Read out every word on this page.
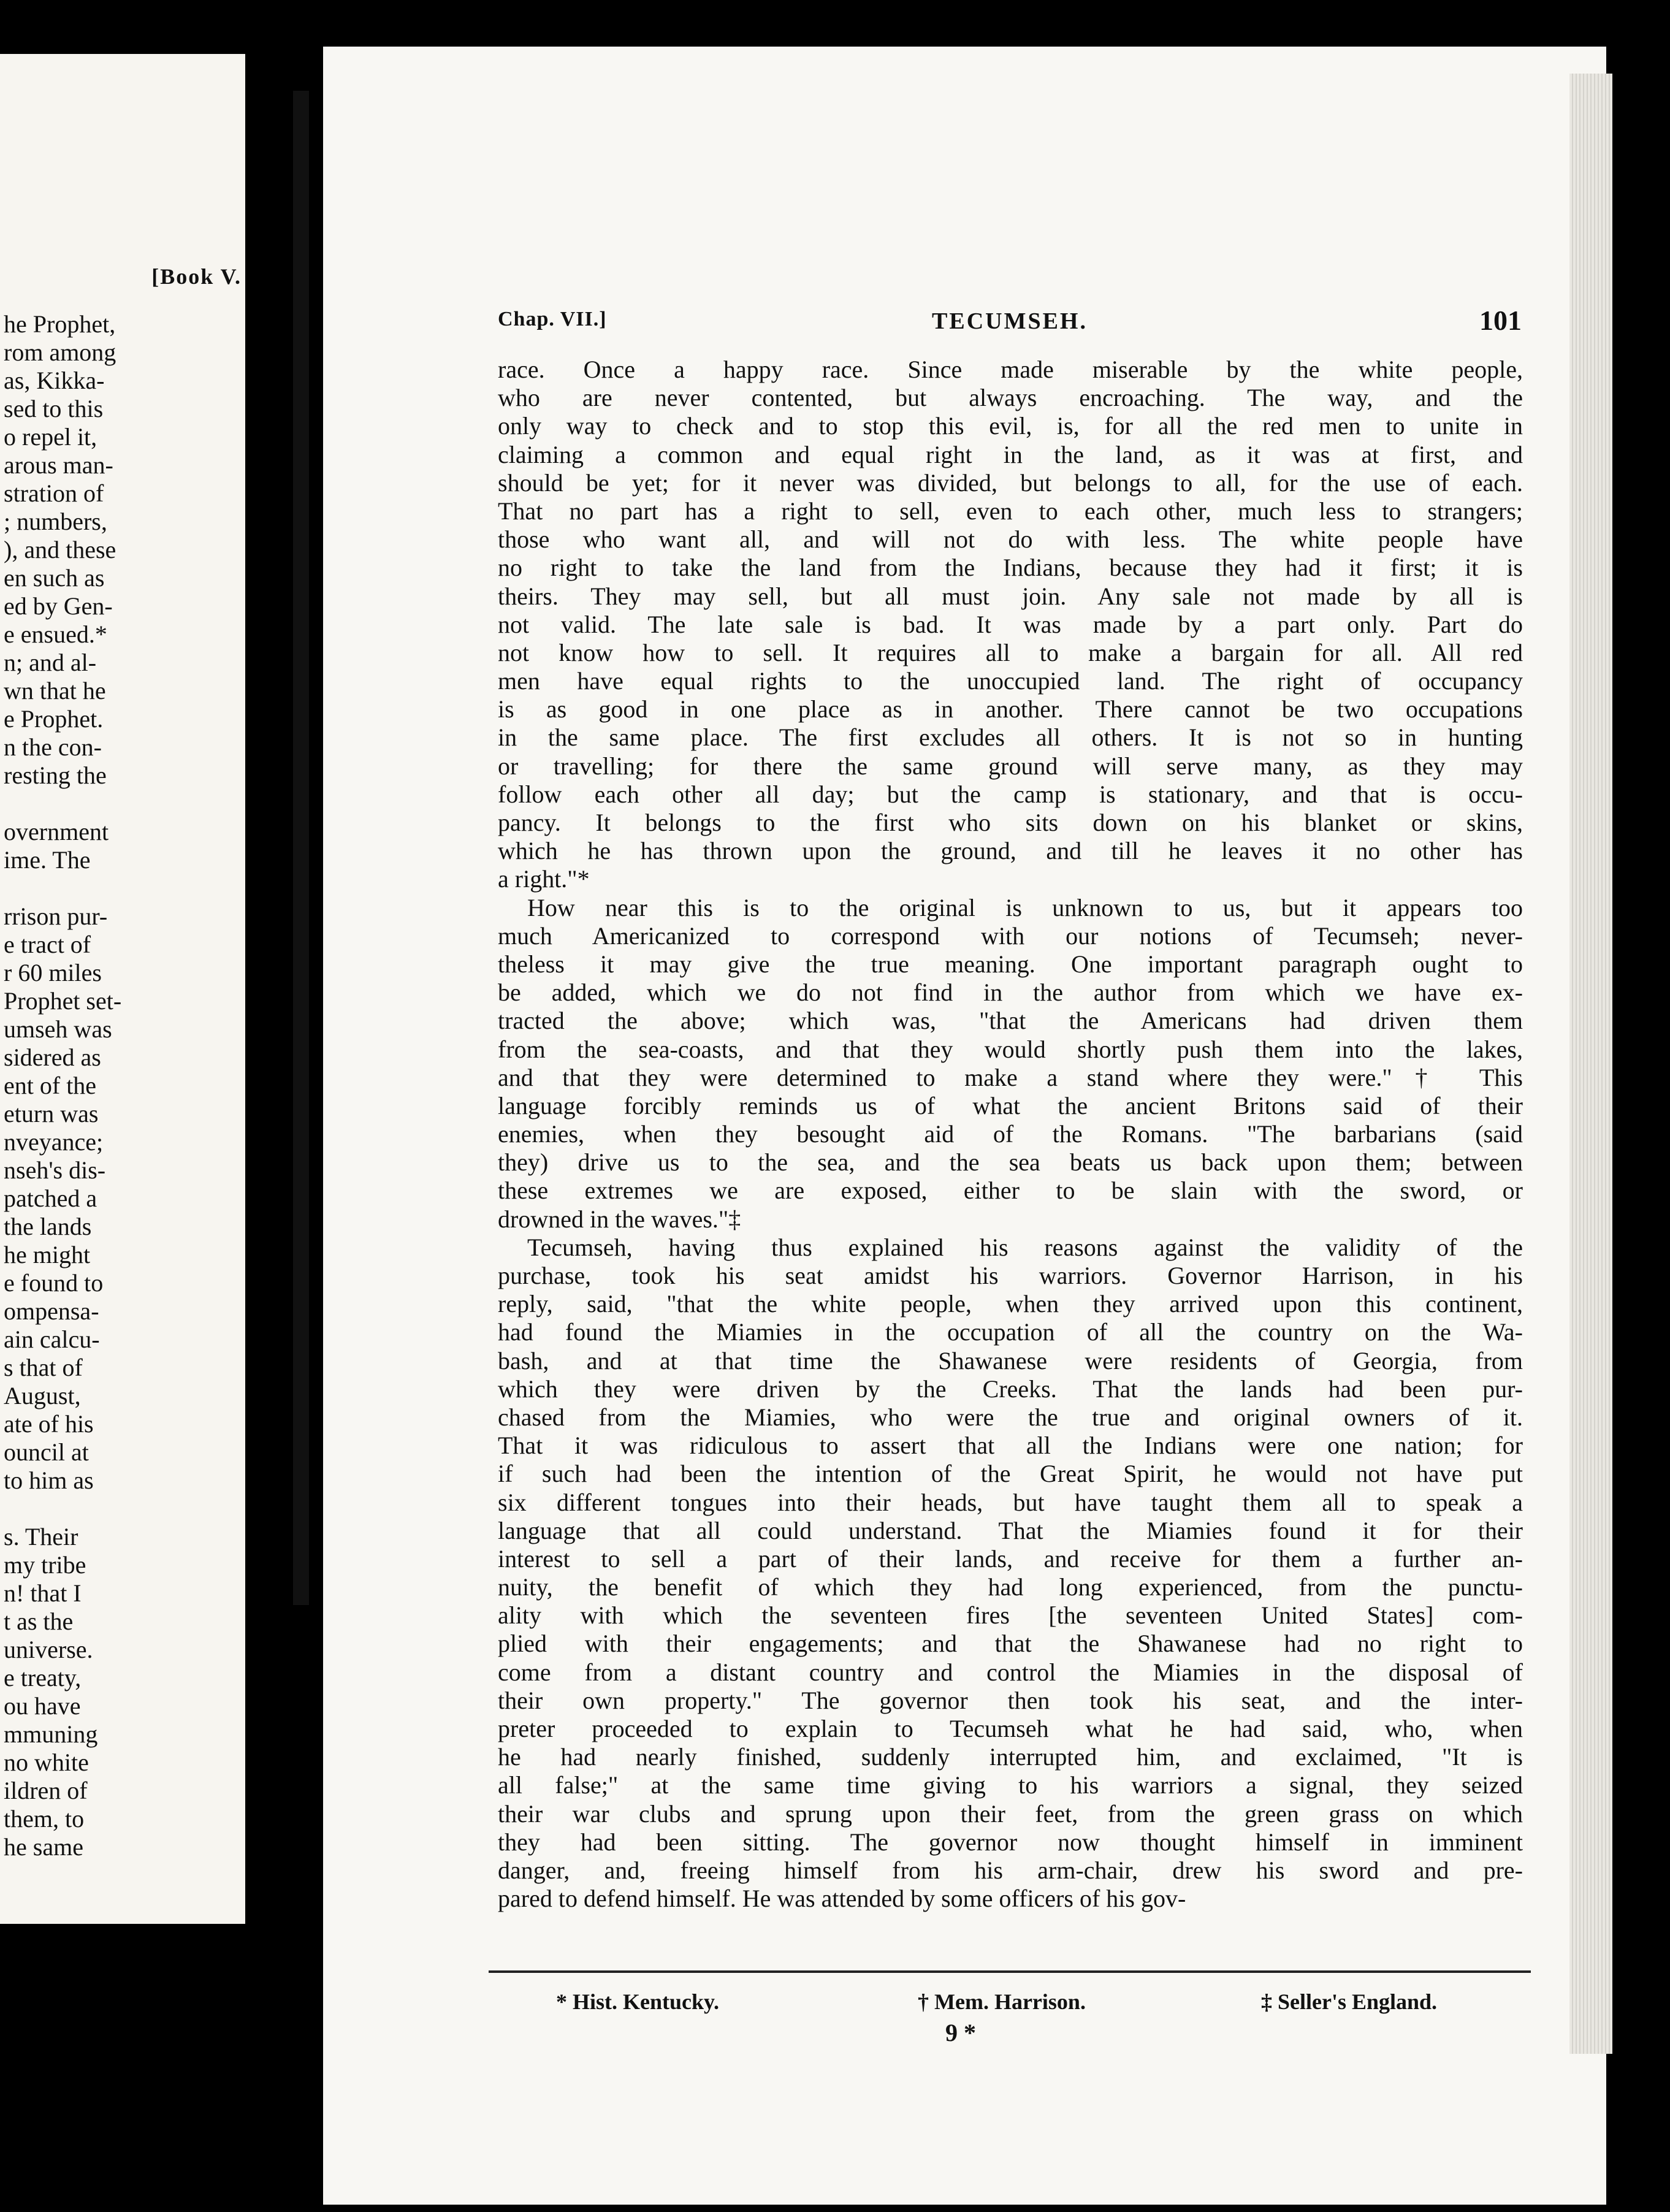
[Book V.
he Prophet,
rom among
as, Kikka-
sed to this
o repel it,
arous man-
stration of
; numbers,
), and these
en such as
ed by Gen-
e ensued.*
n; and al-
wn that he
e Prophet.
n the con-
resting the
overnment
ime. The
rrison pur-
e tract of
r 60 miles
Prophet set-
umseh was
sidered as
ent of the
eturn was
nveyance;
nseh's dis-
patched a
the lands
he might
e found to
ompensa-
ain calcu-
s that of
August,
ate of his
ouncil at
to him as
s. Their
my tribe
n! that I
t as the
universe.
e treaty,
ou have
mmuning
no white
ildren of
them, to
he same
Chap. VII.]	TECUMSEH.	101
race. Once a happy race. Since made miserable by the white people,
who are never contented, but always encroaching. The way, and the
only way to check and to stop this evil, is, for all the red men to unite in
claiming a common and equal right in the land, as it was at first, and
should be yet; for it never was divided, but belongs to all, for the use of each.
That no part has a right to sell, even to each other, much less to strangers;
those who want all, and will not do with less. The white people have
no right to take the land from the Indians, because they had it first; it is
theirs. They may sell, but all must join. Any sale not made by all is
not valid. The late sale is bad. It was made by a part only. Part do
not know how to sell. It requires all to make a bargain for all. All red
men have equal rights to the unoccupied land. The right of occupancy
is as good in one place as in another. There cannot be two occupations
in the same place. The first excludes all others. It is not so in hunting
or travelling; for there the same ground will serve many, as they may
follow each other all day; but the camp is stationary, and that is occu-
pancy. It belongs to the first who sits down on his blanket or skins,
which he has thrown upon the ground, and till he leaves it no other has
a right."*
How near this is to the original is unknown to us, but it appears too
much Americanized to correspond with our notions of Tecumseh; never-
theless it may give the true meaning. One important paragraph ought to
be added, which we do not find in the author from which we have ex-
tracted the above; which was, "that the Americans had driven them
from the sea-coasts, and that they would shortly push them into the lakes,
and that they were determined to make a stand where they were."† This
language forcibly reminds us of what the ancient Britons said of their
enemies, when they besought aid of the Romans. "The barbarians (said
they) drive us to the sea, and the sea beats us back upon them; between
these extremes we are exposed, either to be slain with the sword, or
drowned in the waves."‡
Tecumseh, having thus explained his reasons against the validity of the
purchase, took his seat amidst his warriors. Governor Harrison, in his
reply, said, "that the white people, when they arrived upon this continent,
had found the Miamies in the occupation of all the country on the Wa-
bash, and at that time the Shawanese were residents of Georgia, from
which they were driven by the Creeks. That the lands had been pur-
chased from the Miamies, who were the true and original owners of it.
That it was ridiculous to assert that all the Indians were one nation; for
if such had been the intention of the Great Spirit, he would not have put
six different tongues into their heads, but have taught them all to speak a
language that all could understand. That the Miamies found it for their
interest to sell a part of their lands, and receive for them a further an-
nuity, the benefit of which they had long experienced, from the punctu-
ality with which the seventeen fires [the seventeen United States] com-
plied with their engagements; and that the Shawanese had no right to
come from a distant country and control the Miamies in the disposal of
their own property." The governor then took his seat, and the inter-
preter proceeded to explain to Tecumseh what he had said, who, when
he had nearly finished, suddenly interrupted him, and exclaimed, "It is
all false;" at the same time giving to his warriors a signal, they seized
their war clubs and sprung upon their feet, from the green grass on which
they had been sitting. The governor now thought himself in imminent
danger, and, freeing himself from his arm-chair, drew his sword and pre-
pared to defend himself. He was attended by some officers of his gov-
* Hist. Kentucky.	† Mem. Harrison.	‡ Seller's England.
9 *
